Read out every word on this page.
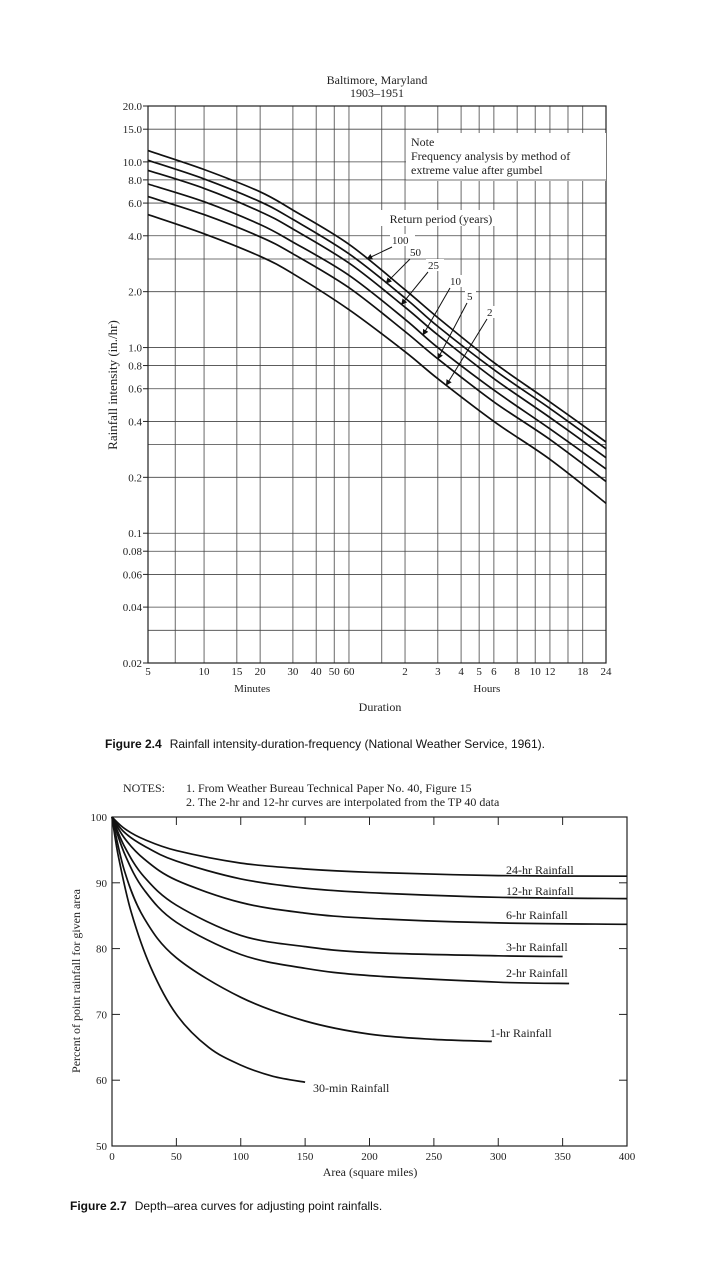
20.0
15.0
10.0
8.0
6.0
4.0
2.0
1.0
0.8
0.6
0.4
0.2
0.1
0.08
0.06
0.04
0.02
5	10 15 20 30 40 50 60	2 3 4 5 6 8 10 12 18 24
Minutes	Hours
Duration
Rainfall intensity (in./hr)
Baltimore, Maryland
1903–1951
Note
Frequency analysis by method of
extreme value after gumbel
Return period (years)
100
50
25
10
5
2
Figure 2.4 Rainfall intensity-duration-frequency (National Weather Service, 1961).
NOTES: 1. From Weather Bureau Technical Paper No. 40, Figure 15
2. The 2-hr and 12-hr curves are interpolated from the TP 40 data
50
60
70
80
90
100
0	50	100	150	200	250	300	350	400
Area (square miles)
Percent of point rainfall for given area
24-hr Rainfall
12-hr Rainfall
6-hr Rainfall
3-hr Rainfall
2-hr Rainfall
1-hr Rainfall
30-min Rainfall
Figure 2.7 Depth–area curves for adjusting point rainfalls.
